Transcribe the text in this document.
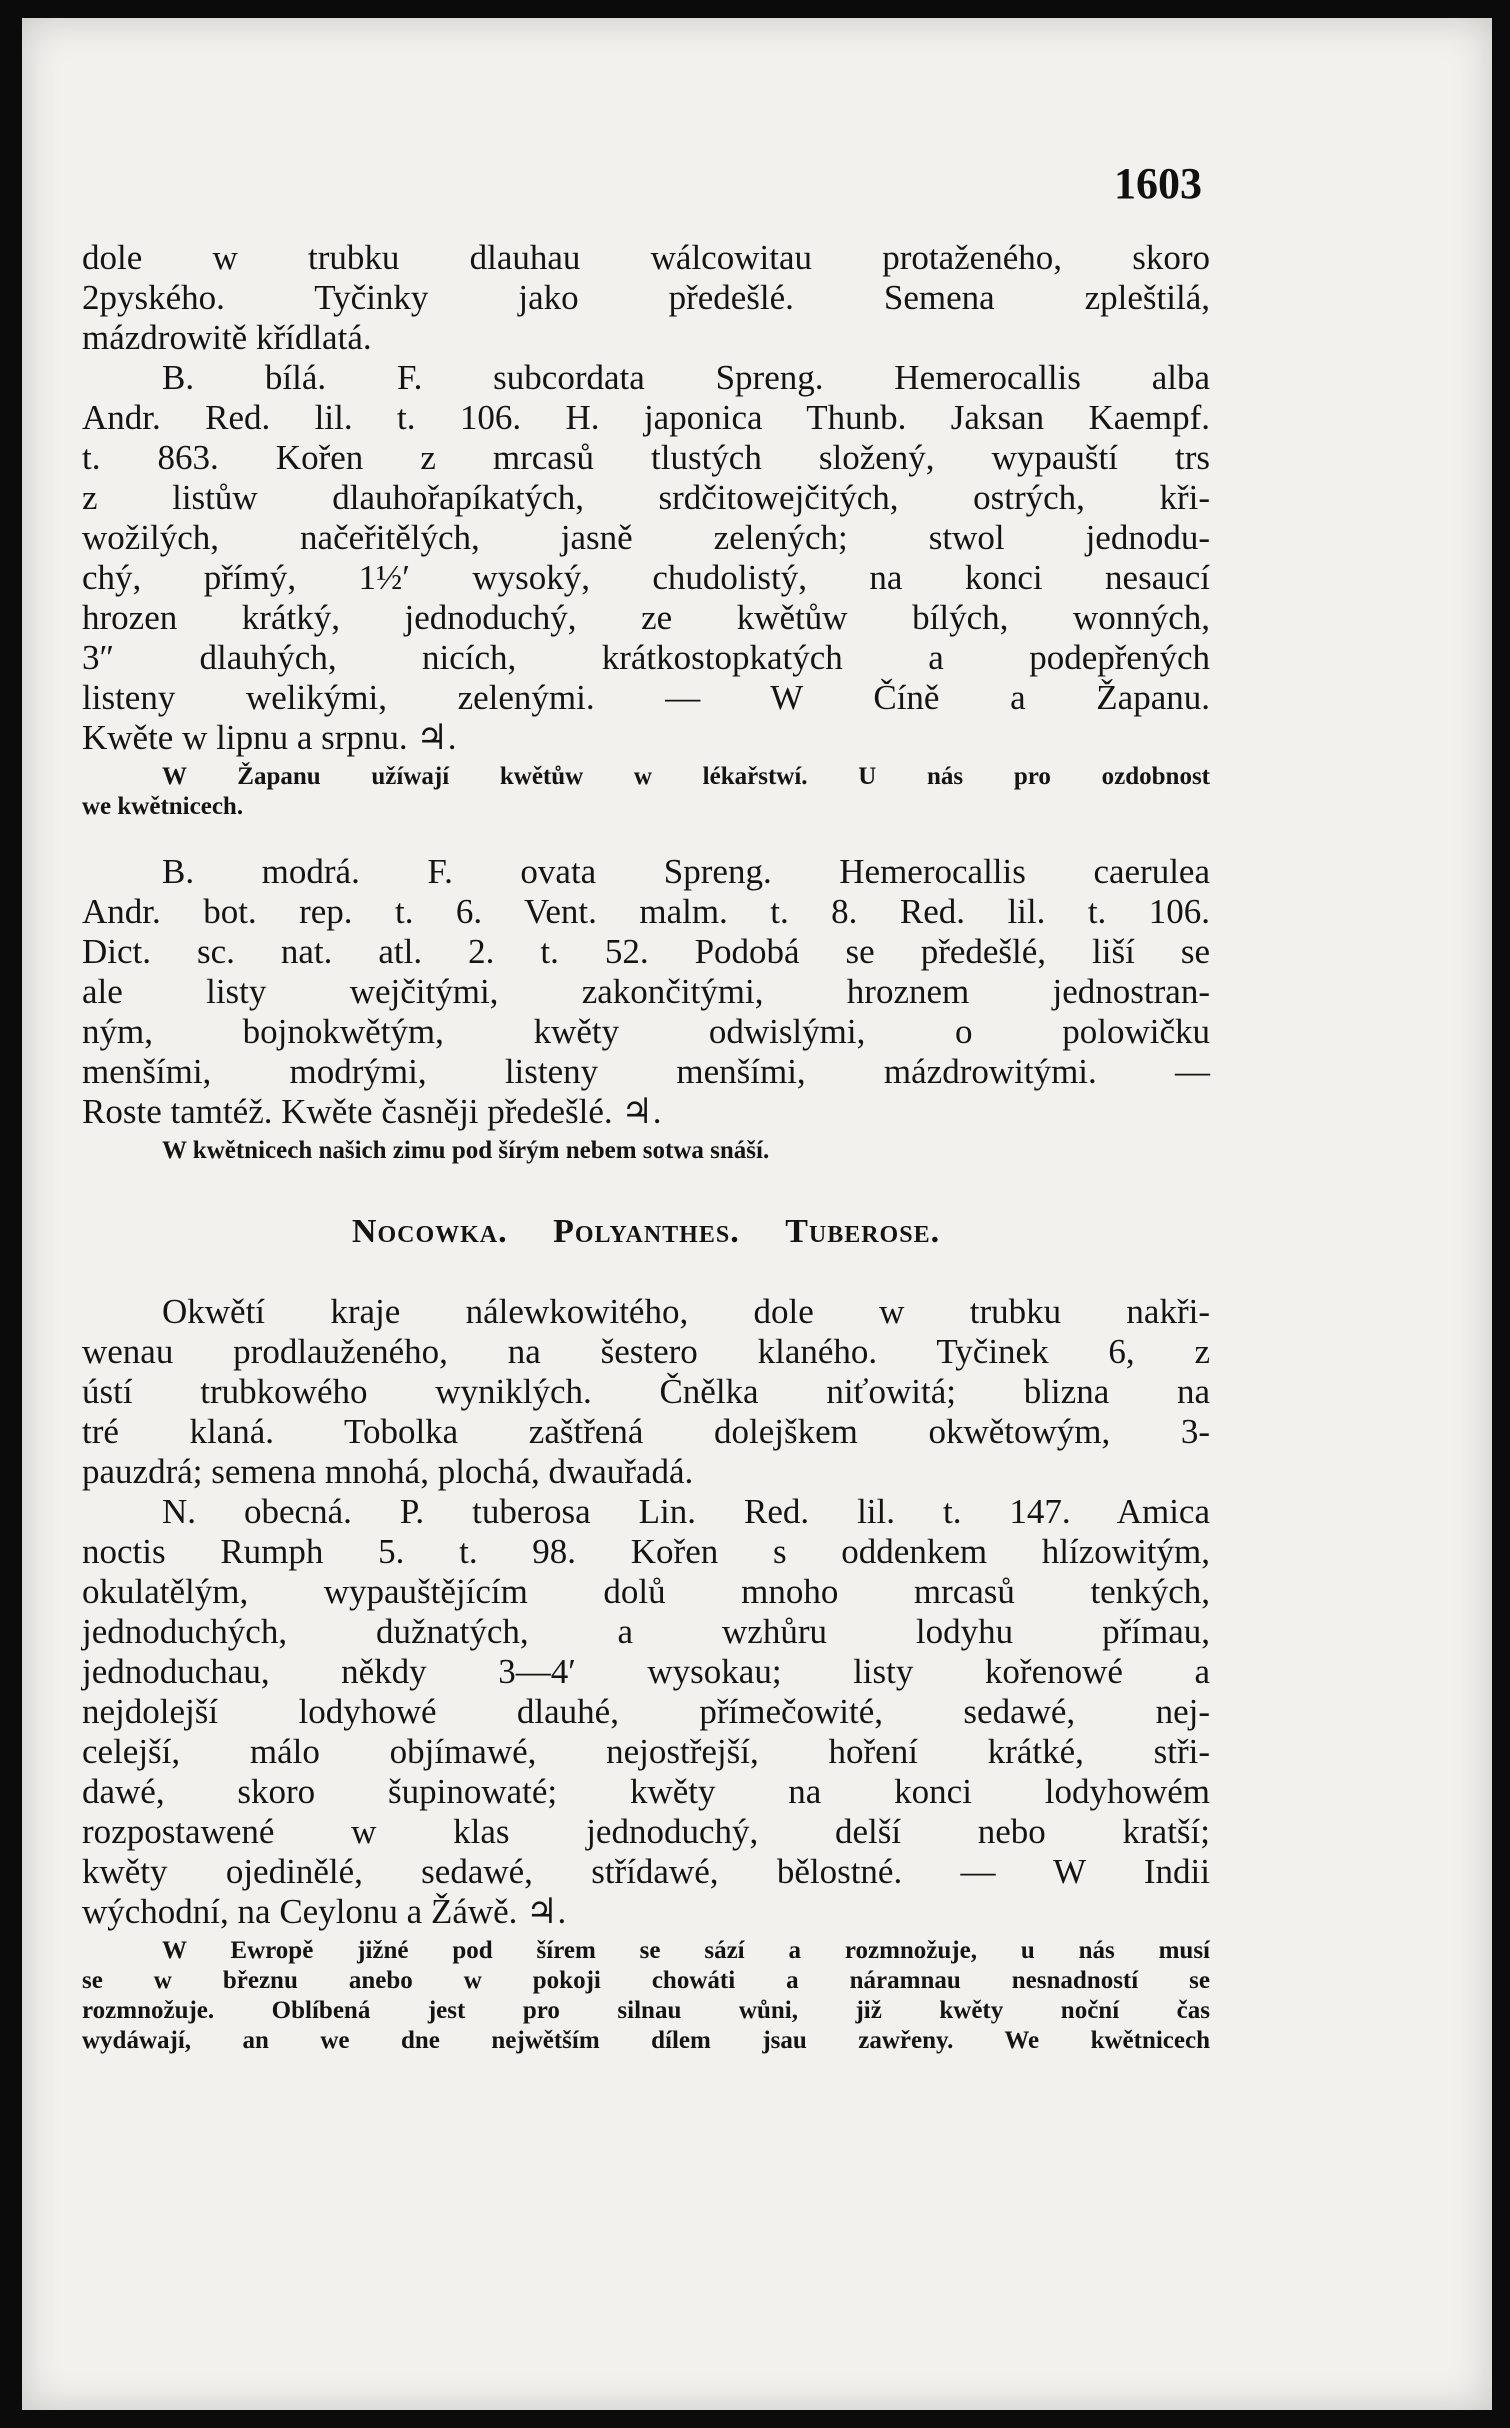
1603

dole w trubku dlauhau wálcowitau protaženého, skoro
2pyského. Tyčinky jako předešlé. Semena zpleštilá,
mázdrowitě křídlatá.

B. bílá. F. subcordata Spreng. Hemerocallis alba
Andr. Red. lil. t. 106. H. japonica Thunb. Jaksan Kaempf.
t. 863. Kořen z mrcasů tlustých složený, wypauští trs
z listůw dlauhořapíkatých, srdčitowejčitých, ostrých, kři-
wožilých, načeřitělých, jasně zelených; stwol jednodu-
chý, přímý, 1½′ wysoký, chudolistý, na konci nesaucí
hrozen krátký, jednoduchý, ze kwětůw bílých, wonných,
3″ dlauhých, nicích, krátkostopkatých a podepřených
listeny welikými, zelenými. — W Číně a Žapanu.
Kwěte w lipnu a srpnu. ♃.

W Žapanu užíwají kwětůw w lékařstwí. U nás pro ozdobnost
we kwětnicech.

B. modrá. F. ovata Spreng. Hemerocallis caerulea
Andr. bot. rep. t. 6. Vent. malm. t. 8. Red. lil. t. 106.
Dict. sc. nat. atl. 2. t. 52. Podobá se předešlé, liší se
ale listy wejčitými, zakončitými, hroznem jednostran-
ným, bojnokwětým, kwěty odwislými, o polowičku
menšími, modrými, listeny menšími, mázdrowitými. —
Roste tamtéž. Kwěte časněji předešlé. ♃.

W kwětnicech našich zimu pod šírým nebem sotwa snáší.

Nocowka. Polyanthes. Tuberose.

Okwětí kraje nálewkowitého, dole w trubku nakři-
wenau prodlauženého, na šestero klaného. Tyčinek 6, z
ústí trubkowého wyniklých. Čnělka niťowitá; blizna na
tré klaná. Tobolka zaštřená dolejškem okwětowým, 3-
pauzdrá; semena mnohá, plochá, dwauřadá.

N. obecná. P. tuberosa Lin. Red. lil. t. 147. Amica
noctis Rumph 5. t. 98. Kořen s oddenkem hlízowitým,
okulatělým, wypauštějícím dolů mnoho mrcasů tenkých,
jednoduchých, dužnatých, a wzhůru lodyhu přímau,
jednoduchau, někdy 3—4′ wysokau; listy kořenowé a
nejdolejší lodyhowé dlauhé, přímečowité, sedawé, nej-
celejší, málo objímawé, nejostřejší, hoření krátké, stři-
dawé, skoro šupinowaté; kwěty na konci lodyhowém
rozpostawené w klas jednoduchý, delší nebo kratší;
kwěty ojedinělé, sedawé, střídawé, bělostné. — W Indii
wýchodní, na Ceylonu a Žáwě. ♃.

W Ewropě jižné pod šírem se sází a rozmnožuje, u nás musí
se w březnu anebo w pokoji chowáti a náramnau nesnadností se
rozmnožuje. Oblíbená jest pro silnau wůni, již kwěty noční čas
wydáwají, an we dne nejwětším dílem jsau zawřeny. We kwětnicech
